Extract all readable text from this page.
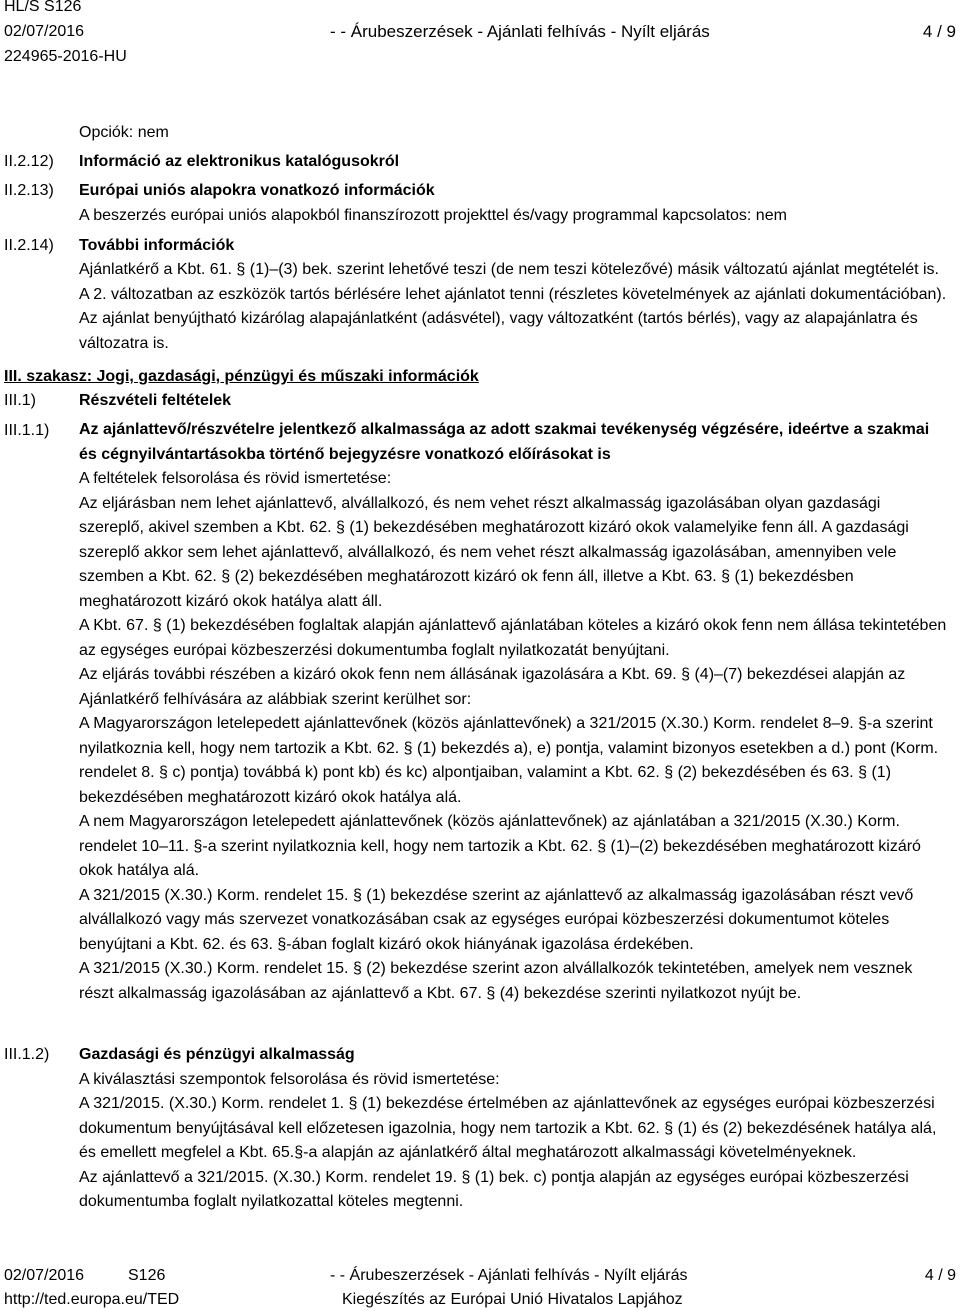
HL/S S126
02/07/2016
224965-2016-HU
- - Árubeszerzések - Ajánlati felhívás - Nyílt eljárás	4 / 9
Opciók: nem
II.2.12) Információ az elektronikus katalógusokról
II.2.13) Európai uniós alapokra vonatkozó információk
A beszerzés európai uniós alapokból finanszírozott projekttel és/vagy programmal kapcsolatos: nem
II.2.14) További információk

Ajánlatkérő a Kbt. 61. § (1)–(3) bek. szerint lehetővé teszi (de nem teszi kötelezővé) másik változatú ajánlat megtételét is. A 2. változatban az eszközök tartós bérlésére lehet ajánlatot tenni (részletes követelmények az ajánlati dokumentációban). Az ajánlat benyújtható kizárólag alapajánlatként (adásvétel), vagy változatként (tartós bérlés), vagy az alapajánlatra és változatra is.

III. szakasz: Jogi, gazdasági, pénzügyi és műszaki információk
III.1)	Részvételi feltételek
III.1.1) Az ajánlattevő/részvételre jelentkező alkalmassága az adott szakmai tevékenység végzésére, ideértve a szakmai és cégnyilvántartásokba történő bejegyzésre vonatkozó előírásokat is

A feltételek felsorolása és rövid ismertetése:

Az eljárásban nem lehet ajánlattevő, alvállalkozó, és nem vehet részt alkalmasság igazolásában olyan gazdasági szereplő, akivel szemben a Kbt. 62. § (1) bekezdésében meghatározott kizáró okok valamelyike fenn áll. A gazdasági szereplő akkor sem lehet ajánlattevő, alvállalkozó, és nem vehet részt alkalmasság igazolásában, amennyiben vele szemben a Kbt. 62. § (2) bekezdésében meghatározott kizáró ok fenn áll, illetve a Kbt. 63. § (1) bekezdésben meghatározott kizáró okok hatálya alatt áll.

A Kbt. 67. § (1) bekezdésében foglaltak alapján ajánlattevő ajánlatában köteles a kizáró okok fenn nem állása tekintetében az egységes európai közbeszerzési dokumentumba foglalt nyilatkozatát benyújtani.

Az eljárás további részében a kizáró okok fenn nem állásának igazolására a Kbt. 69. § (4)–(7) bekezdései alapján az Ajánlatkérő felhívására az alábbiak szerint kerülhet sor:

A Magyarországon letelepedett ajánlattevőnek (közös ajánlattevőnek) a 321/2015 (X.30.) Korm. rendelet 8–9. §-a szerint nyilatkoznia kell, hogy nem tartozik a Kbt. 62. § (1) bekezdés a), e) pontja, valamint bizonyos esetekben a d.) pont (Korm. rendelet 8. § c) pontja) továbbá k) pont kb) és kc) alpontjaiban, valamint a Kbt. 62. § (2) bekezdésében és 63. § (1) bekezdésében meghatározott kizáró okok hatálya alá.

A nem Magyarországon letelepedett ajánlattevőnek (közös ajánlattevőnek) az ajánlatában a 321/2015 (X.30.) Korm. rendelet 10–11. §-a szerint nyilatkoznia kell, hogy nem tartozik a Kbt. 62. § (1)–(2) bekezdésében meghatározott kizáró okok hatálya alá.

A 321/2015 (X.30.) Korm. rendelet 15. § (1) bekezdése szerint az ajánlattevő az alkalmasság igazolásában részt vevő alvállalkozó vagy más szervezet vonatkozásában csak az egységes európai közbeszerzési dokumentumot köteles benyújtani a Kbt. 62. és 63. §-ában foglalt kizáró okok hiányának igazolása érdekében.

A 321/2015 (X.30.) Korm. rendelet 15. § (2) bekezdése szerint azon alvállalkozók tekintetében, amelyek nem vesznek részt alkalmasság igazolásában az ajánlattevő a Kbt. 67. § (4) bekezdése szerinti nyilatkozot nyújt be.

III.1.2) Gazdasági és pénzügyi alkalmasság

A kiválasztási szempontok felsorolása és rövid ismertetése:

A 321/2015. (X.30.) Korm. rendelet 1. § (1) bekezdése értelmében az ajánlattevőnek az egységes európai közbeszerzési dokumentum benyújtásával kell előzetesen igazolnia, hogy nem tartozik a Kbt. 62. § (1) és (2) bekezdésének hatálya alá, és emellett megfelel a Kbt. 65.§-a alapján az ajánlatkérő által meghatározott alkalmassági követelményeknek.

Az ajánlattevő a 321/2015. (X.30.) Korm. rendelet 19. § (1) bek. c) pontja alapján az egységes európai közbeszerzési dokumentumba foglalt nyilatkozattal köteles megtenni.

02/07/2016	S126
http://ted.europa.eu/TED
- - Árubeszerzések - Ajánlati felhívás - Nyílt eljárás
Kiegészítés az Európai Unió Hivatalos Lapjához
4 / 9
